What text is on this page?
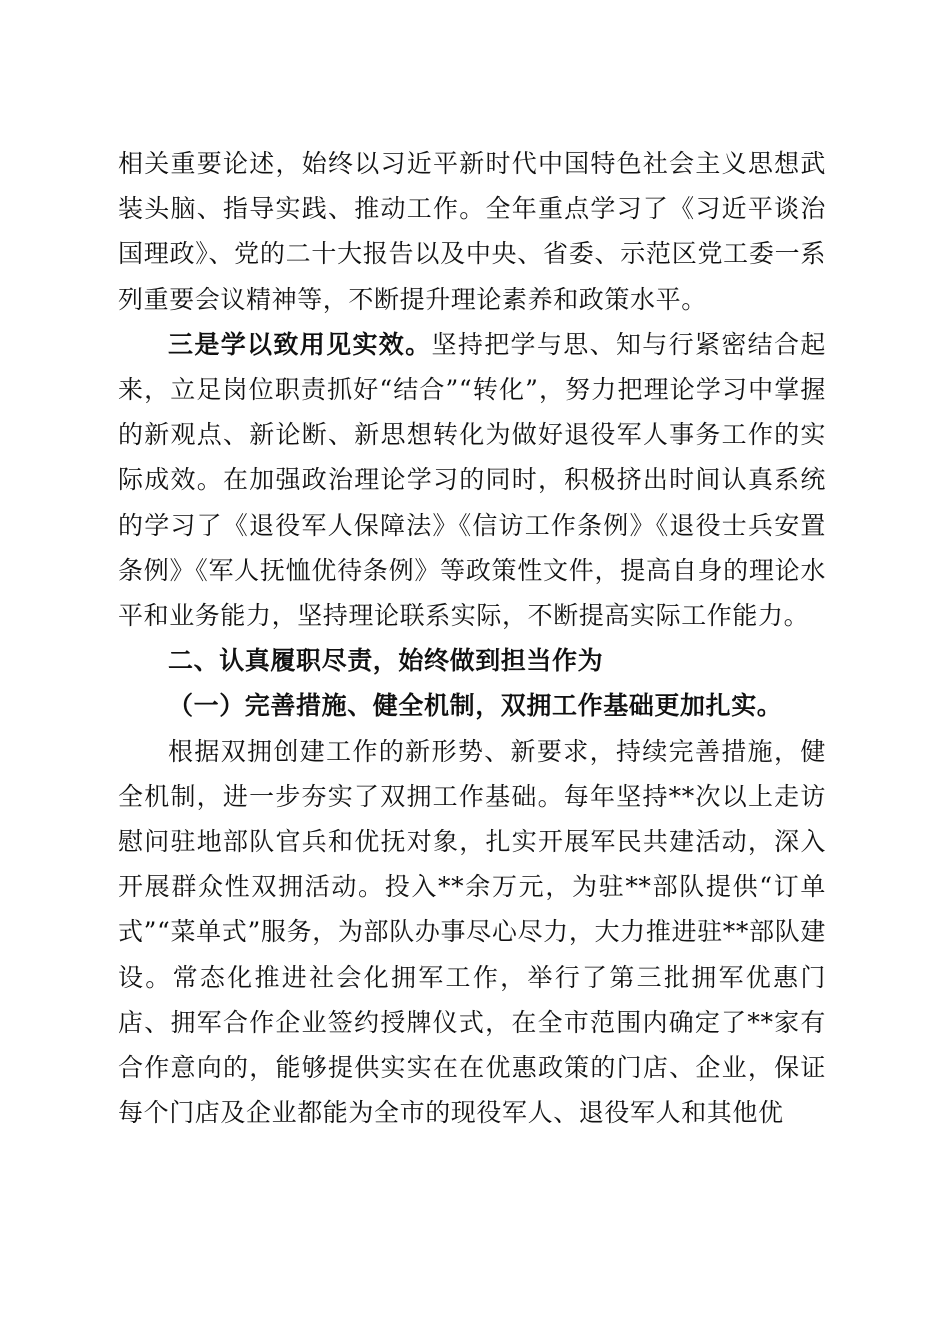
相关重要论述，始终以习近平新时代中国特色社会主义思想武装头脑、指导实践、推动工作。全年重点学习了《习近平谈治国理政》、党的二十大报告以及中央、省委、示范区党工委一系列重要会议精神等，不断提升理论素养和政策水平。

三是学以致用见实效。坚持把学与思、知与行紧密结合起来，立足岗位职责抓好“结合”“转化”，努力把理论学习中掌握的新观点、新论断、新思想转化为做好退役军人事务工作的实际成效。在加强政治理论学习的同时，积极挤出时间认真系统的学习了《退役军人保障法》《信访工作条例》《退役士兵安置条例》《军人抚恤优待条例》等政策性文件，提高自身的理论水平和业务能力，坚持理论联系实际，不断提高实际工作能力。

二、认真履职尽责，始终做到担当作为

（一）完善措施、健全机制，双拥工作基础更加扎实。

根据双拥创建工作的新形势、新要求，持续完善措施，健全机制，进一步夯实了双拥工作基础。每年坚持**次以上走访慰问驻地部队官兵和优抚对象，扎实开展军民共建活动，深入开展群众性双拥活动。投入**余万元，为驻**部队提供“订单式”“菜单式”服务，为部队办事尽心尽力，大力推进驻**部队建设。常态化推进社会化拥军工作，举行了第三批拥军优惠门店、拥军合作企业签约授牌仪式，在全市范围内确定了**家有合作意向的，能够提供实实在在优惠政策的门店、企业，保证每个门店及企业都能为全市的现役军人、退役军人和其他优
